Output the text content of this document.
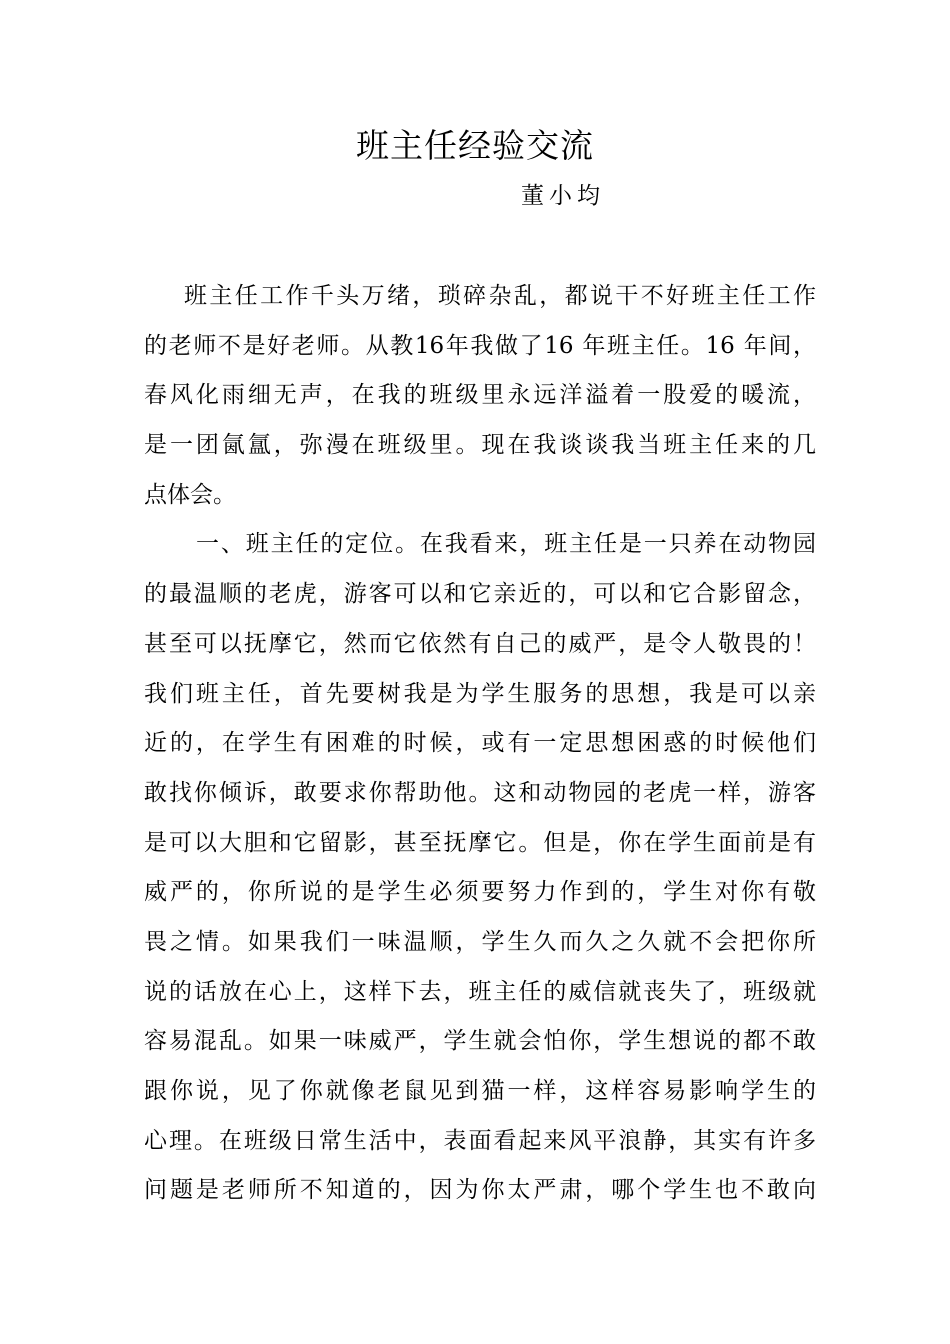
班主任经验交流
董小均
班主任工作千头万绪，琐碎杂乱，都说干不好班主任工作
的老师不是好老师。从教16年我做了16 年班主任。16 年间，
春风化雨细无声，在我的班级里永远洋溢着一股爱的暖流，
是一团氤氲，弥漫在班级里。现在我谈谈我当班主任来的几
点体会。
一、班主任的定位。在我看来，班主任是一只养在动物园
的最温顺的老虎，游客可以和它亲近的，可以和它合影留念，
甚至可以抚摩它，然而它依然有自己的威严，是令人敬畏的！
我们班主任，首先要树我是为学生服务的思想，我是可以亲
近的，在学生有困难的时候，或有一定思想困惑的时候他们
敢找你倾诉，敢要求你帮助他。这和动物园的老虎一样，游客
是可以大胆和它留影，甚至抚摩它。但是，你在学生面前是有
威严的，你所说的是学生必须要努力作到的，学生对你有敬
畏之情。如果我们一味温顺，学生久而久之久就不会把你所
说的话放在心上，这样下去，班主任的威信就丧失了，班级就
容易混乱。如果一味威严，学生就会怕你，学生想说的都不敢
跟你说，见了你就像老鼠见到猫一样，这样容易影响学生的
心理。在班级日常生活中，表面看起来风平浪静，其实有许多
问题是老师所不知道的，因为你太严肃，哪个学生也不敢向
